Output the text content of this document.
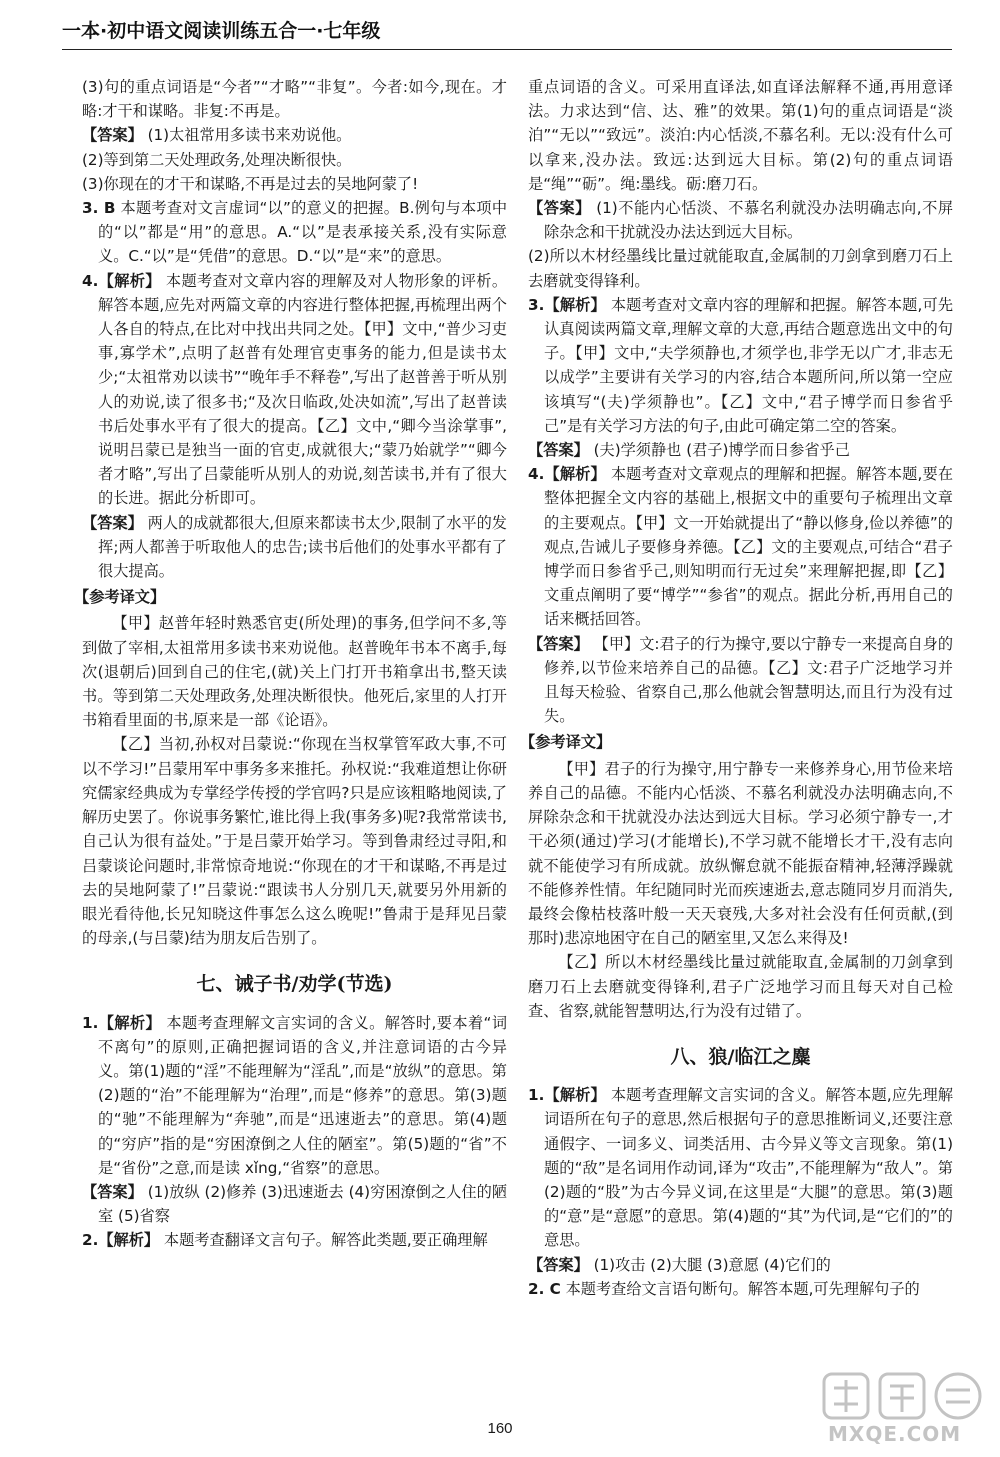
一本·初中语文阅读训练五合一·七年级
(3)句的重点词语是“今者”“才略”“非复”。今者:如今,现在。才略:才干和谋略。非复:不再是。
【答案】 (1)太祖常用多读书来劝说他。
(2)等到第二天处理政务,处理决断很快。
(3)你现在的才干和谋略,不再是过去的吴地阿蒙了!
3. B 本题考查对文言虚词“以”的意义的把握。B.例句与本项中的“以”都是“用”的意思。A.“以”是表承接关系,没有实际意义。C.“以”是“凭借”的意思。D.“以”是“来”的意思。
4.【解析】 本题考查对文章内容的理解及对人物形象的评析。解答本题,应先对两篇文章的内容进行整体把握,再梳理出两个人各自的特点,在比对中找出共同之处。【甲】文中,“普少习吏事,寡学术”,点明了赵普有处理官吏事务的能力,但是读书太少;“太祖常劝以读书”“晚年手不释卷”,写出了赵普善于听从别人的劝说,读了很多书;“及次日临政,处决如流”,写出了赵普读书后处事水平有了很大的提高。【乙】文中,“卿今当涂掌事”,说明吕蒙已是独当一面的官吏,成就很大;“蒙乃始就学”“卿今者才略”,写出了吕蒙能听从别人的劝说,刻苦读书,并有了很大的长进。据此分析即可。
【答案】 两人的成就都很大,但原来都读书太少,限制了水平的发挥;两人都善于听取他人的忠告;读书后他们的处事水平都有了很大提高。
【参考译文】
【甲】赵普年轻时熟悉官吏(所处理)的事务,但学问不多,等到做了宰相,太祖常用多读书来劝说他。赵普晚年书本不离手,每次(退朝后)回到自己的住宅,(就)关上门打开书箱拿出书,整天读书。等到第二天处理政务,处理决断很快。他死后,家里的人打开书箱看里面的书,原来是一部《论语》。
【乙】当初,孙权对吕蒙说:“你现在当权掌管军政大事,不可以不学习!”吕蒙用军中事务多来推托。孙权说:“我难道想让你研究儒家经典成为专掌经学传授的学官吗?只是应该粗略地阅读,了解历史罢了。你说事务繁忙,谁比得上我(事务多)呢?我常常读书,自己认为很有益处。”于是吕蒙开始学习。等到鲁肃经过寻阳,和吕蒙谈论问题时,非常惊奇地说:“你现在的才干和谋略,不再是过去的吴地阿蒙了!”吕蒙说:“跟读书人分别几天,就要另外用新的眼光看待他,长兄知晓这件事怎么这么晚呢!”鲁肃于是拜见吕蒙的母亲,(与吕蒙)结为朋友后告别了。
七、诫子书/劝学(节选)
1.【解析】 本题考查理解文言实词的含义。解答时,要本着“词不离句”的原则,正确把握词语的含义,并注意词语的古今异义。第(1)题的“淫”不能理解为“淫乱”,而是“放纵”的意思。第(2)题的“治”不能理解为“治理”,而是“修养”的意思。第(3)题的“驰”不能理解为“奔驰”,而是“迅速逝去”的意思。第(4)题的“穷庐”指的是“穷困潦倒之人住的陋室”。第(5)题的“省”不是“省份”之意,而是读 xǐng,“省察”的意思。
【答案】 (1)放纵 (2)修养 (3)迅速逝去 (4)穷困潦倒之人住的陋室 (5)省察
2.【解析】 本题考查翻译文言句子。解答此类题,要正确理解
重点词语的含义。可采用直译法,如直译法解释不通,再用意译法。力求达到“信、达、雅”的效果。第(1)句的重点词语是“淡泊”“无以”“致远”。淡泊:内心恬淡,不慕名利。无以:没有什么可以拿来,没办法。致远:达到远大目标。第(2)句的重点词语是“绳”“砺”。绳:墨线。砺:磨刀石。
【答案】 (1)不能内心恬淡、不慕名利就没办法明确志向,不屏除杂念和干扰就没办法达到远大目标。
(2)所以木材经墨线比量过就能取直,金属制的刀剑拿到磨刀石上去磨就变得锋利。
3.【解析】 本题考查对文章内容的理解和把握。解答本题,可先认真阅读两篇文章,理解文章的大意,再结合题意选出文中的句子。【甲】文中,“夫学须静也,才须学也,非学无以广才,非志无以成学”主要讲有关学习的内容,结合本题所问,所以第一空应该填写“(夫)学须静也”。【乙】文中,“君子博学而日参省乎己”是有关学习方法的句子,由此可确定第二空的答案。
【答案】 (夫)学须静也 (君子)博学而日参省乎己
4.【解析】 本题考查对文章观点的理解和把握。解答本题,要在整体把握全文内容的基础上,根据文中的重要句子梳理出文章的主要观点。【甲】文一开始就提出了“静以修身,俭以养德”的观点,告诫儿子要修身养德。【乙】文的主要观点,可结合“君子博学而日参省乎己,则知明而行无过矣”来理解把握,即【乙】文重点阐明了要“博学”“参省”的观点。据此分析,再用自己的话来概括回答。
【答案】 【甲】文:君子的行为操守,要以宁静专一来提高自身的修养,以节俭来培养自己的品德。【乙】文:君子广泛地学习并且每天检验、省察自己,那么他就会智慧明达,而且行为没有过失。
【参考译文】
【甲】君子的行为操守,用宁静专一来修养身心,用节俭来培养自己的品德。不能内心恬淡、不慕名利就没办法明确志向,不屏除杂念和干扰就没办法达到远大目标。学习必须宁静专一,才干必须(通过)学习(才能增长),不学习就不能增长才干,没有志向就不能使学习有所成就。放纵懈怠就不能振奋精神,轻薄浮躁就不能修养性情。年纪随同时光而疾速逝去,意志随同岁月而消失,最终会像枯枝落叶般一天天衰残,大多对社会没有任何贡献,(到那时)悲凉地困守在自己的陋室里,又怎么来得及!
【乙】所以木材经墨线比量过就能取直,金属制的刀剑拿到磨刀石上去磨就变得锋利,君子广泛地学习而且每天对自己检查、省察,就能智慧明达,行为没有过错了。
八、狼/临江之麋
1.【解析】 本题考查理解文言实词的含义。解答本题,应先理解词语所在句子的意思,然后根据句子的意思推断词义,还要注意通假字、一词多义、词类活用、古今异义等文言现象。第(1)题的“敌”是名词用作动词,译为“攻击”,不能理解为“敌人”。第(2)题的“股”为古今异义词,在这里是“大腿”的意思。第(3)题的“意”是“意愿”的意思。第(4)题的“其”为代词,是“它们的”的意思。
【答案】 (1)攻击 (2)大腿 (3)意愿 (4)它们的
2. C 本题考查给文言语句断句。解答本题,可先理解句子的
160	MXQE.COM
